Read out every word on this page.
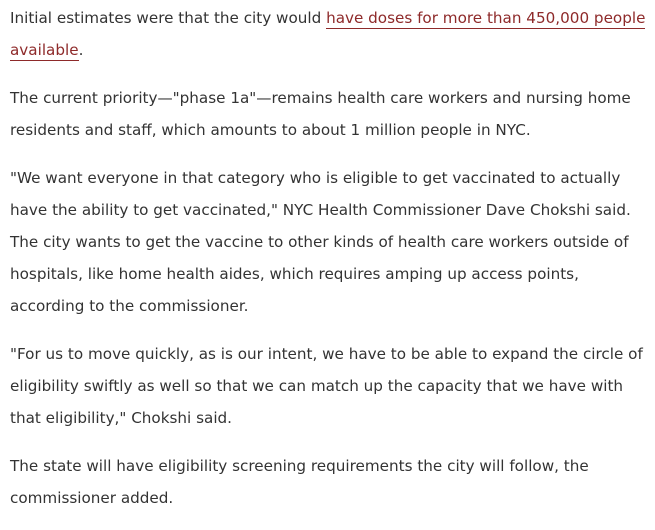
Initial estimates were that the city would have doses for more than 450,000 people available.

The current priority—"phase 1a"—remains health care workers and nursing home residents and staff, which amounts to about 1 million people in NYC.

"We want everyone in that category who is eligible to get vaccinated to actually have the ability to get vaccinated," NYC Health Commissioner Dave Chokshi said. The city wants to get the vaccine to other kinds of health care workers outside of hospitals, like home health aides, which requires amping up access points, according to the commissioner.

"For us to move quickly, as is our intent, we have to be able to expand the circle of eligibility swiftly as well so that we can match up the capacity that we have with that eligibility," Chokshi said.

The state will have eligibility screening requirements the city will follow, the commissioner added.
